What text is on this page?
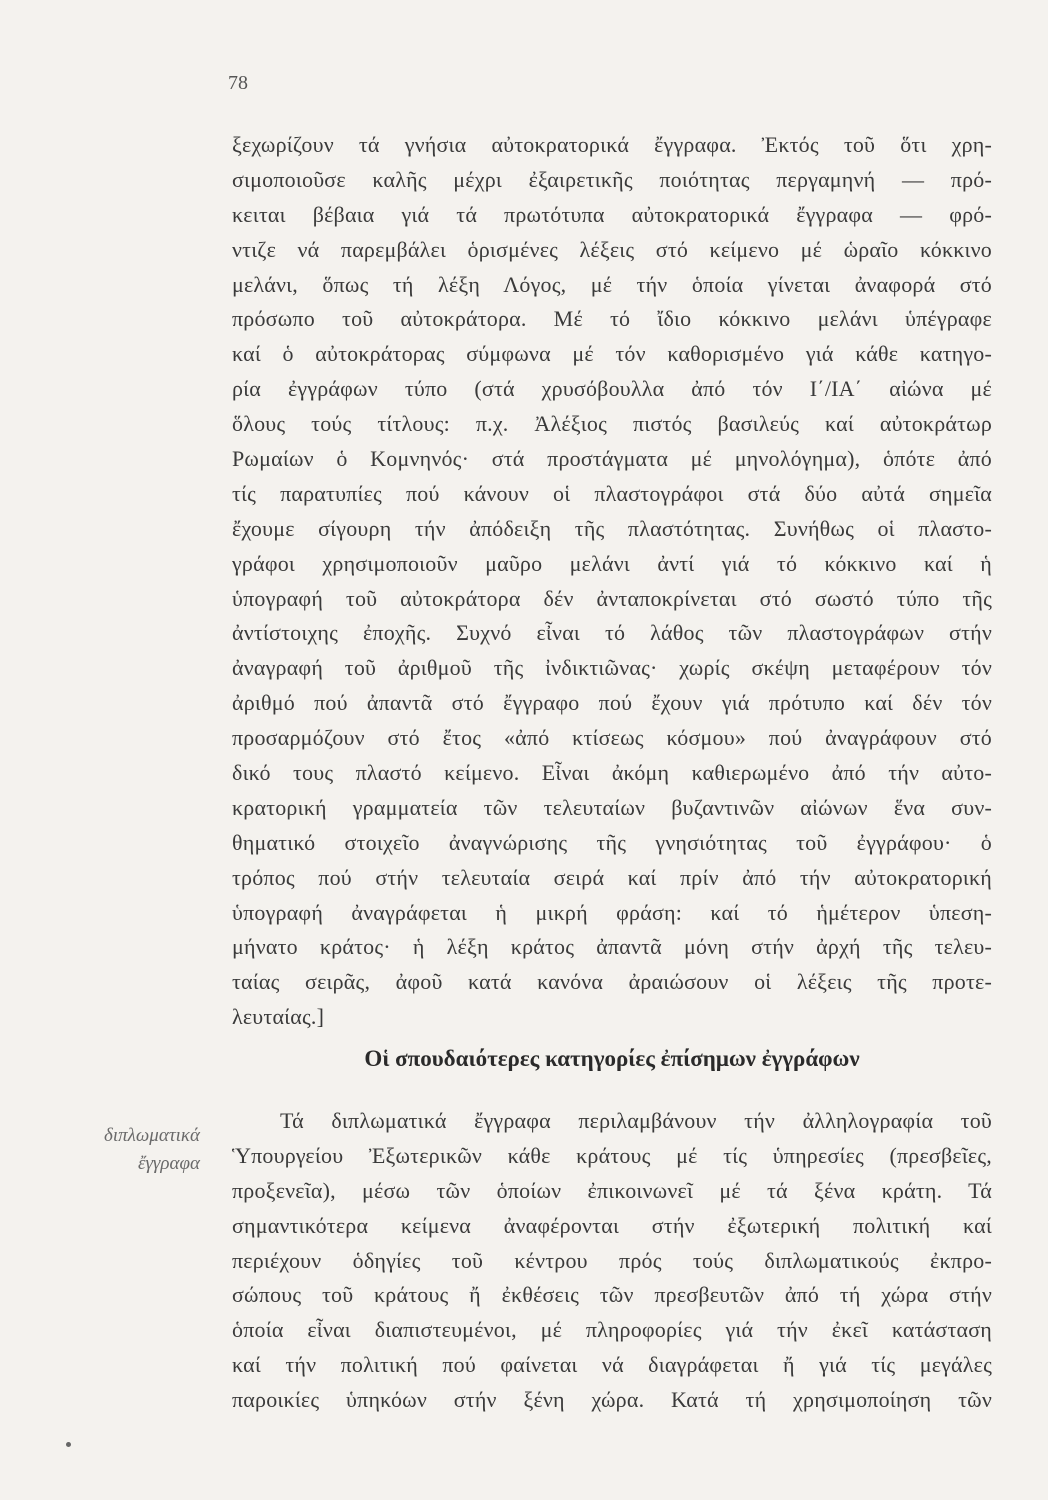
78
ξεχωρίζουν τά γνήσια αὐτοκρατορικά ἔγγραφα. Ἐκτός τοῦ ὅτι χρη-
σιμοποιοῦσε καλῆς μέχρι ἐξαιρετικῆς ποιότητας περγαμηνή — πρό-
κειται βέβαια γιά τά πρωτότυπα αὐτοκρατορικά ἔγγραφα — φρό-
ντιζε νά παρεμβάλει ὁρισμένες λέξεις στό κείμενο μέ ὡραῖο κόκκινο
μελάνι, ὅπως τή λέξη Λόγος, μέ τήν ὁποία γίνεται ἀναφορά στό
πρόσωπο τοῦ αὐτοκράτορα. Μέ τό ἴδιο κόκκινο μελάνι ὑπέγραφε
καί ὁ αὐτοκράτορας σύμφωνα μέ τόν καθορισμένο γιά κάθε κατηγο-
ρία ἐγγράφων τύπο (στά χρυσόβουλλα ἀπό τόν Ι΄/ΙΑ΄ αἰώνα μέ
ὅλους τούς τίτλους: π.χ. Ἀλέξιος πιστός βασιλεύς καί αὐτοκράτωρ
Ρωμαίων ὁ Κομνηνός· στά προστάγματα μέ μηνολόγημα), ὁπότε ἀπό
τίς παρατυπίες πού κάνουν οἱ πλαστογράφοι στά δύο αὐτά σημεῖα
ἔχουμε σίγουρη τήν ἀπόδειξη τῆς πλαστότητας. Συνήθως οἱ πλαστο-
γράφοι χρησιμοποιοῦν μαῦρο μελάνι ἀντί γιά τό κόκκινο καί ἡ
ὑπογραφή τοῦ αὐτοκράτορα δέν ἀνταποκρίνεται στό σωστό τύπο τῆς
ἀντίστοιχης ἐποχῆς. Συχνό εἶναι τό λάθος τῶν πλαστογράφων στήν
ἀναγραφή τοῦ ἀριθμοῦ τῆς ἰνδικτιῶνας· χωρίς σκέψη μεταφέρουν τόν
ἀριθμό πού ἀπαντᾶ στό ἔγγραφο πού ἔχουν γιά πρότυπο καί δέν τόν
προσαρμόζουν στό ἔτος «ἀπό κτίσεως κόσμου» πού ἀναγράφουν στό
δικό τους πλαστό κείμενο. Εἶναι ἀκόμη καθιερωμένο ἀπό τήν αὐτο-
κρατορική γραμματεία τῶν τελευταίων βυζαντινῶν αἰώνων ἕνα συν-
θηματικό στοιχεῖο ἀναγνώρισης τῆς γνησιότητας τοῦ ἐγγράφου· ὁ
τρόπος πού στήν τελευταία σειρά καί πρίν ἀπό τήν αὐτοκρατορική
ὑπογραφή ἀναγράφεται ἡ μικρή φράση: καί τό ἡμέτερον ὑπεση-
μήνατο κράτος· ἡ λέξη κράτος ἀπαντᾶ μόνη στήν ἀρχή τῆς τελευ-
ταίας σειρᾶς, ἀφοῦ κατά κανόνα ἀραιώσουν οἱ λέξεις τῆς προτε-
λευταίας.]
Οἱ σπουδαιότερες κατηγορίες ἐπίσημων ἐγγράφων
διπλωματικά
ἔγγραφα
Τά διπλωματικά ἔγγραφα περιλαμβάνουν τήν ἀλληλογραφία τοῦ
Ὑπουργείου Ἐξωτερικῶν κάθε κράτους μέ τίς ὑπηρεσίες (πρεσβεῖες,
προξενεῖα), μέσω τῶν ὁποίων ἐπικοινωνεῖ μέ τά ξένα κράτη. Τά
σημαντικότερα κείμενα ἀναφέρονται στήν ἐξωτερική πολιτική καί
περιέχουν ὁδηγίες τοῦ κέντρου πρός τούς διπλωματικούς ἐκπρο-
σώπους τοῦ κράτους ἤ ἐκθέσεις τῶν πρεσβευτῶν ἀπό τή χώρα στήν
ὁποία εἶναι διαπιστευμένοι, μέ πληροφορίες γιά τήν ἐκεῖ κατάσταση
καί τήν πολιτική πού φαίνεται νά διαγράφεται ἤ γιά τίς μεγάλες
παροικίες ὑπηκόων στήν ξένη χώρα. Κατά τή χρησιμοποίηση τῶν
